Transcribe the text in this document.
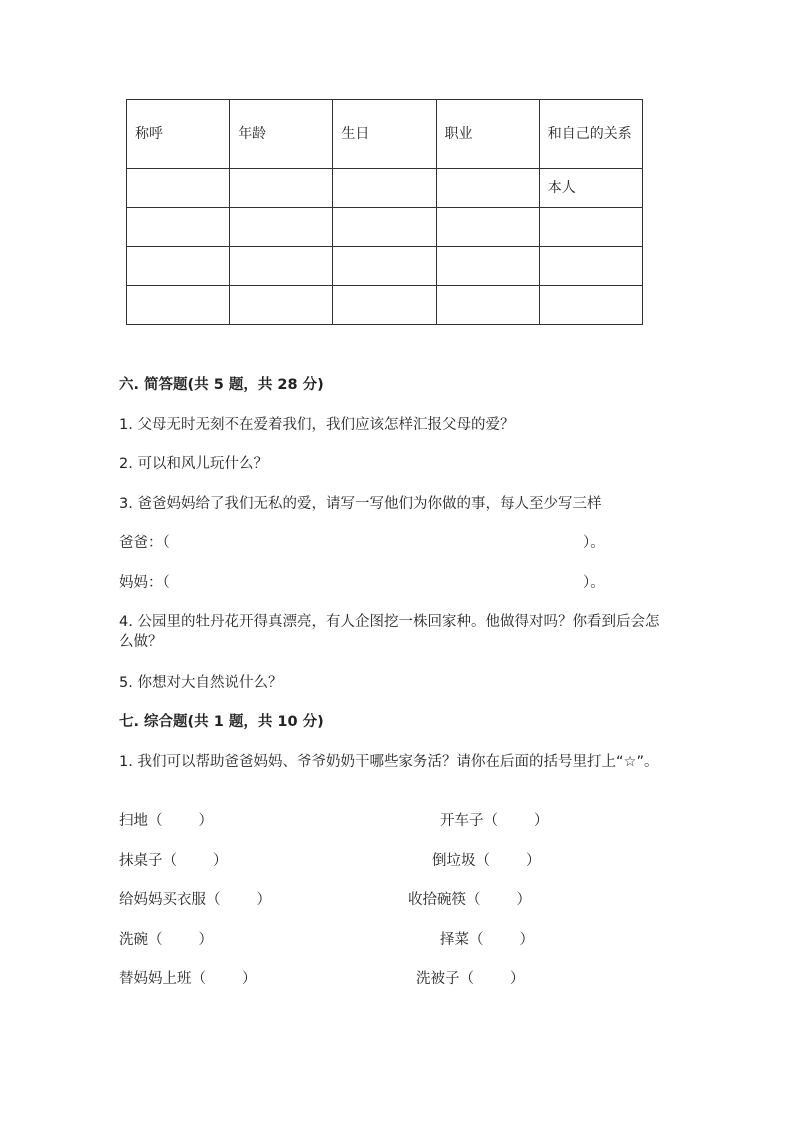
称呼	年龄	生日	职业	和自己的关系
				本人

六. 简答题(共 5 题，共 28 分)
1. 父母无时无刻不在爱着我们，我们应该怎样汇报父母的爱？
2. 可以和风儿玩什么？
3. 爸爸妈妈给了我们无私的爱，请写一写他们为你做的事，每人至少写三样
爸爸：（	）。
妈妈：（	）。
4. 公园里的牡丹花开得真漂亮，有人企图挖一株回家种。他做得对吗？你看到后会怎么做？
5. 你想对大自然说什么？
七. 综合题(共 1 题，共 10 分)
1. 我们可以帮助爸爸妈妈、爷爷奶奶干哪些家务活？请你在后面的括号里打上“☆”。
扫地（ ）	开车子（ ）
抹桌子（ ）	倒垃圾（ ）
给妈妈买衣服（ ）	收拾碗筷（ ）
洗碗（ ）	择菜（ ）
替妈妈上班（ ）	洗被子（ ）
